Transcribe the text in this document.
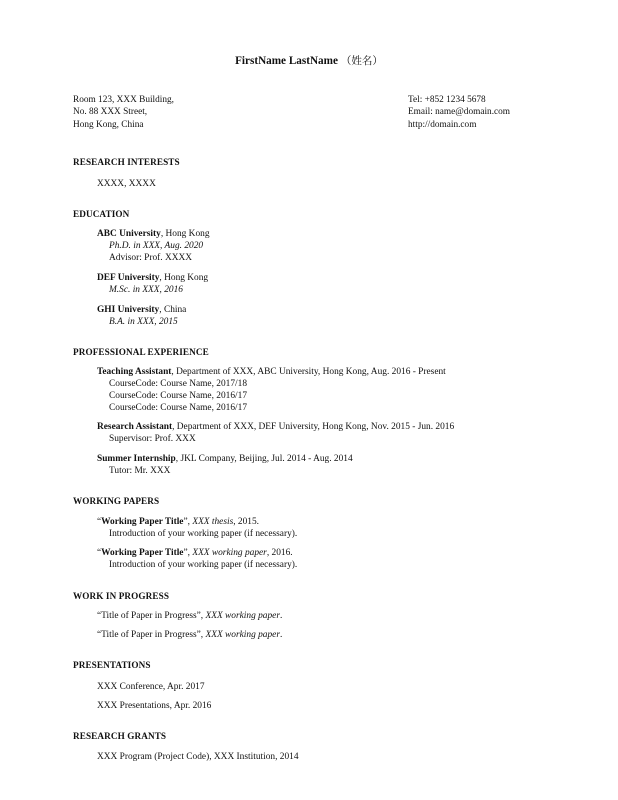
FirstName LastName （姓名）
Room 123, XXX Building,
No. 88 XXX Street,
Hong Kong, China
Tel: +852 1234 5678
Email: name@domain.com
http://domain.com
RESEARCH INTERESTS
XXXX, XXXX
EDUCATION
ABC University, Hong Kong
Ph.D. in XXX, Aug. 2020
Advisor: Prof. XXXX
DEF University, Hong Kong
M.Sc. in XXX, 2016
GHI University, China
B.A. in XXX, 2015
PROFESSIONAL EXPERIENCE
Teaching Assistant, Department of XXX, ABC University, Hong Kong, Aug. 2016 - Present
CourseCode: Course Name, 2017/18
CourseCode: Course Name, 2016/17
CourseCode: Course Name, 2016/17
Research Assistant, Department of XXX, DEF University, Hong Kong, Nov. 2015 - Jun. 2016
Supervisor: Prof. XXX
Summer Internship, JKL Company, Beijing, Jul. 2014 - Aug. 2014
Tutor: Mr. XXX
WORKING PAPERS
“Working Paper Title”, XXX thesis, 2015.
Introduction of your working paper (if necessary).
“Working Paper Title”, XXX working paper, 2016.
Introduction of your working paper (if necessary).
WORK IN PROGRESS
“Title of Paper in Progress”, XXX working paper.
“Title of Paper in Progress”, XXX working paper.
PRESENTATIONS
XXX Conference, Apr. 2017
XXX Presentations, Apr. 2016
RESEARCH GRANTS
XXX Program (Project Code), XXX Institution, 2014
